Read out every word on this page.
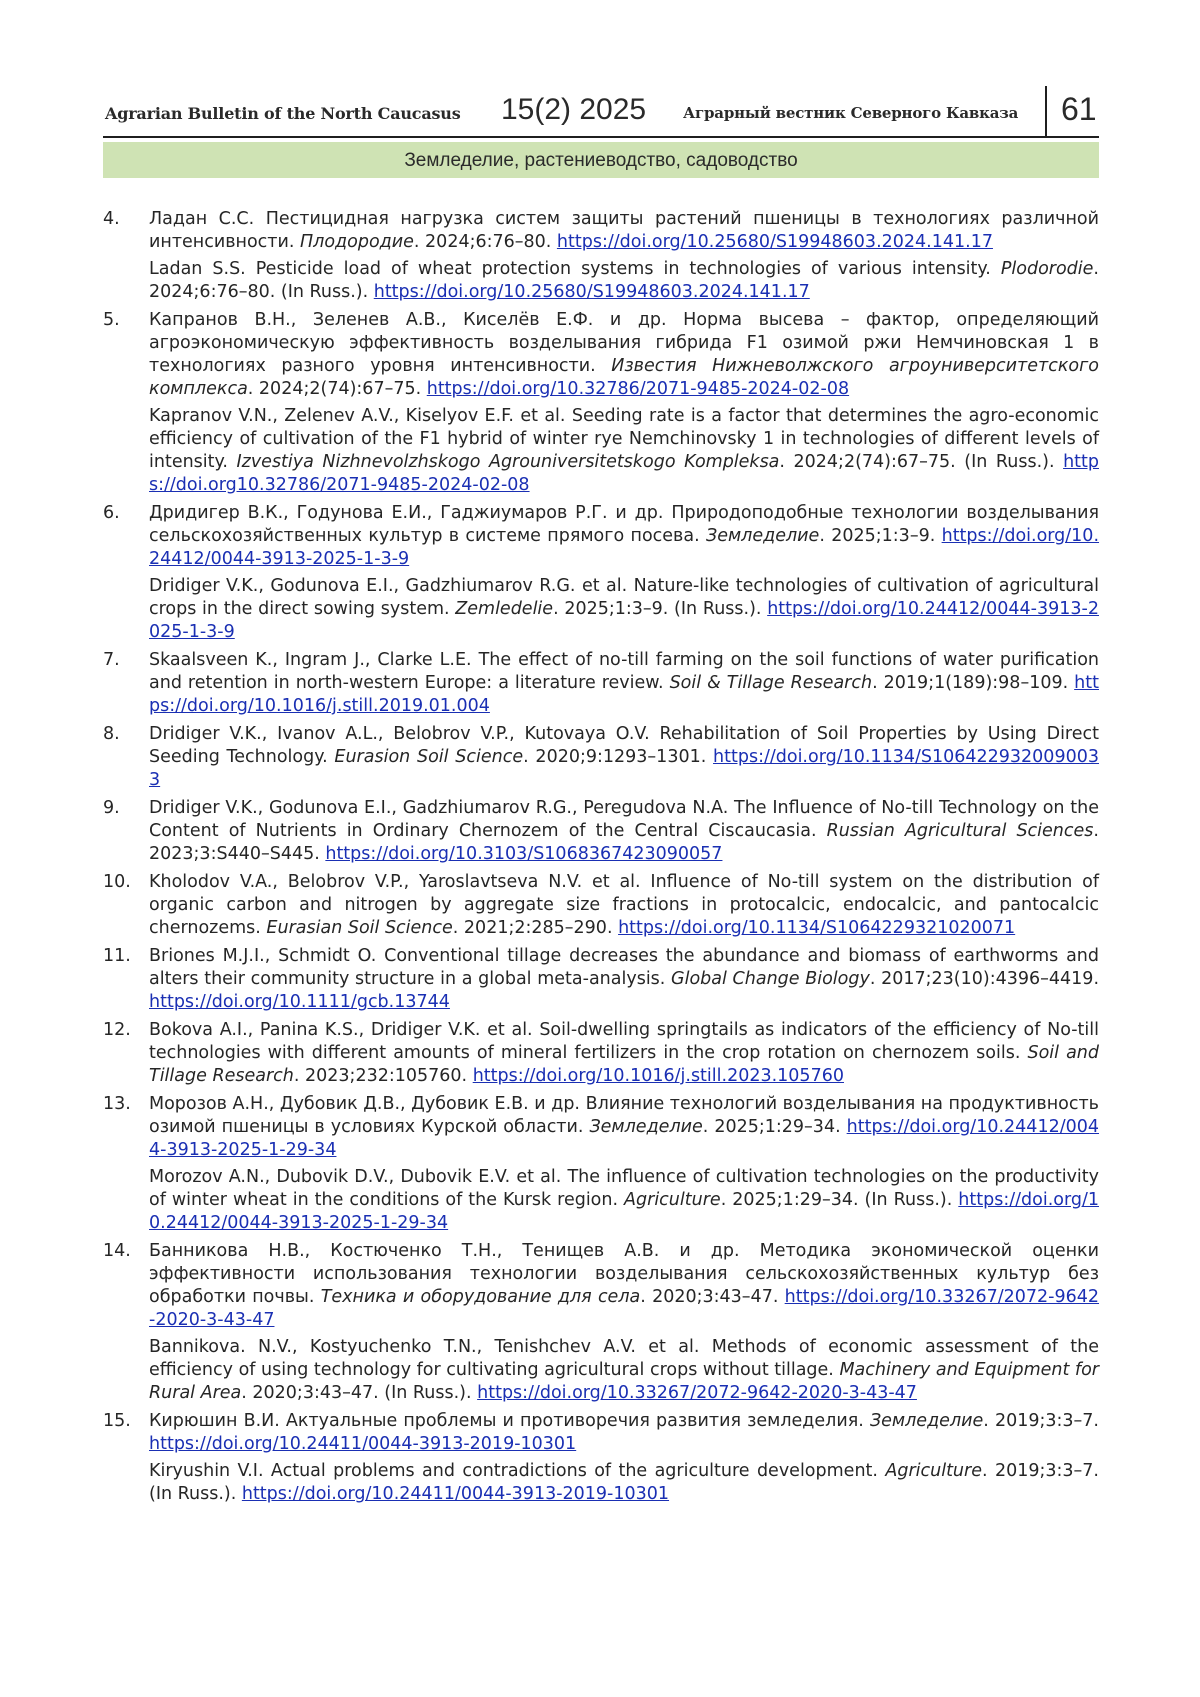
Agrarian Bulletin of the North Caucasus 15(2) 2025 Аграрный вестник Северного Кавказа 61
Земледелие, растениеводство, садоводство
4. Ладан С.С. Пестицидная нагрузка систем защиты растений пшеницы в технологиях различной интенсивности. Плодородие. 2024;6:76–80. https://doi.org/10.25680/S19948603.2024.141.17
Ladan S.S. Pesticide load of wheat protection systems in technologies of various intensity. Plodorodie. 2024;6:76–80. (In Russ.). https://doi.org/10.25680/S19948603.2024.141.17
5. Капранов В.Н., Зеленев А.В., Киселёв Е.Ф. и др. Норма высева – фактор, определяющий агроэкономическую эффективность возделывания гибрида F1 озимой ржи Немчиновская 1 в технологиях разного уровня интенсивности. Известия Нижневолжского агроуниверситетского комплекса. 2024;2(74):67–75. https://doi.org/10.32786/2071-9485-2024-02-08
Kapranov V.N., Zelenev A.V., Kiselyov E.F. et al. Seeding rate is a factor that determines the agro-economic efficiency of cultivation of the F1 hybrid of winter rye Nemchinovsky 1 in technologies of different levels of intensity. Izvestiya Nizhnevolzhskogo Agrouniversitetskogo Kompleksa. 2024;2(74):67–75. (In Russ.). https://doi.org10.32786/2071-9485-2024-02-08
6. Дридигер В.К., Годунова Е.И., Гаджиумаров Р.Г. и др. Природоподобные технологии возделывания сельскохозяйственных культур в системе прямого посева. Земледелие. 2025;1:3–9. https://doi.org/10.24412/0044-3913-2025-1-3-9
Dridiger V.K., Godunova E.I., Gadzhiumarov R.G. et al. Nature-like technologies of cultivation of agricultural crops in the direct sowing system. Zemledelie. 2025;1:3–9. (In Russ.). https://doi.org/10.24412/0044-3913-2025-1-3-9
7. Skaalsveen K., Ingram J., Clarke L.E. The effect of no-till farming on the soil functions of water purification and retention in north-western Europe: a literature review. Soil & Tillage Research. 2019;1(189):98–109. https://doi.org/10.1016/j.still.2019.01.004
8. Dridiger V.K., Ivanov A.L., Belobrov V.P., Kutovaya O.V. Rehabilitation of Soil Properties by Using Direct Seeding Technology. Eurasion Soil Science. 2020;9:1293–1301. https://doi.org/10.1134/S1064229320090033
9. Dridiger V.K., Godunova E.I., Gadzhiumarov R.G., Peregudova N.A. The Influence of No-till Technology on the Content of Nutrients in Ordinary Chernozem of the Central Ciscaucasia. Russian Agricultural Sciences. 2023;3:S440–S445. https://doi.org/10.3103/S1068367423090057
10. Kholodov V.A., Belobrov V.P., Yaroslavtseva N.V. et al. Influence of No-till system on the distribution of organic carbon and nitrogen by aggregate size fractions in protocalcic, endocalcic, and pantocalcic chernozems. Eurasian Soil Science. 2021;2:285–290. https://doi.org/10.1134/S1064229321020071
11. Briones M.J.I., Schmidt O. Conventional tillage decreases the abundance and biomass of earthworms and alters their community structure in a global meta-analysis. Global Change Biology. 2017;23(10):4396–4419. https://doi.org/10.1111/gcb.13744
12. Bokova A.I., Panina K.S., Dridiger V.K. et al. Soil-dwelling springtails as indicators of the efficiency of No-till technologies with different amounts of mineral fertilizers in the crop rotation on chernozem soils. Soil and Tillage Research. 2023;232:105760. https://doi.org/10.1016/j.still.2023.105760
13. Морозов А.Н., Дубовик Д.В., Дубовик Е.В. и др. Влияние технологий возделывания на продуктивность озимой пшеницы в условиях Курской области. Земледелие. 2025;1:29–34. https://doi.org/10.24412/0044-3913-2025-1-29-34
Morozov A.N., Dubovik D.V., Dubovik E.V. et al. The influence of cultivation technologies on the productivity of winter wheat in the conditions of the Kursk region. Agriculture. 2025;1:29–34. (In Russ.). https://doi.org/10.24412/0044-3913-2025-1-29-34
14. Банникова Н.В., Костюченко Т.Н., Тенищев А.В. и др. Методика экономической оценки эффективности использования технологии возделывания сельскохозяйственных культур без обработки почвы. Техника и оборудование для села. 2020;3:43–47. https://doi.org/10.33267/2072-9642-2020-3-43-47
Bannikova. N.V., Kostyuchenko T.N., Tenishchev A.V. et al. Methods of economic assessment of the efficiency of using technology for cultivating agricultural crops without tillage. Machinery and Equipment for Rural Area. 2020;3:43–47. (In Russ.). https://doi.org/10.33267/2072-9642-2020-3-43-47
15. Кирюшин В.И. Актуальные проблемы и противоречия развития земледелия. Земледелие. 2019;3:3–7. https://doi.org/10.24411/0044-3913-2019-10301
Kiryushin V.I. Actual problems and contradictions of the agriculture development. Agriculture. 2019;3:3–7. (In Russ.). https://doi.org/10.24411/0044-3913-2019-10301
